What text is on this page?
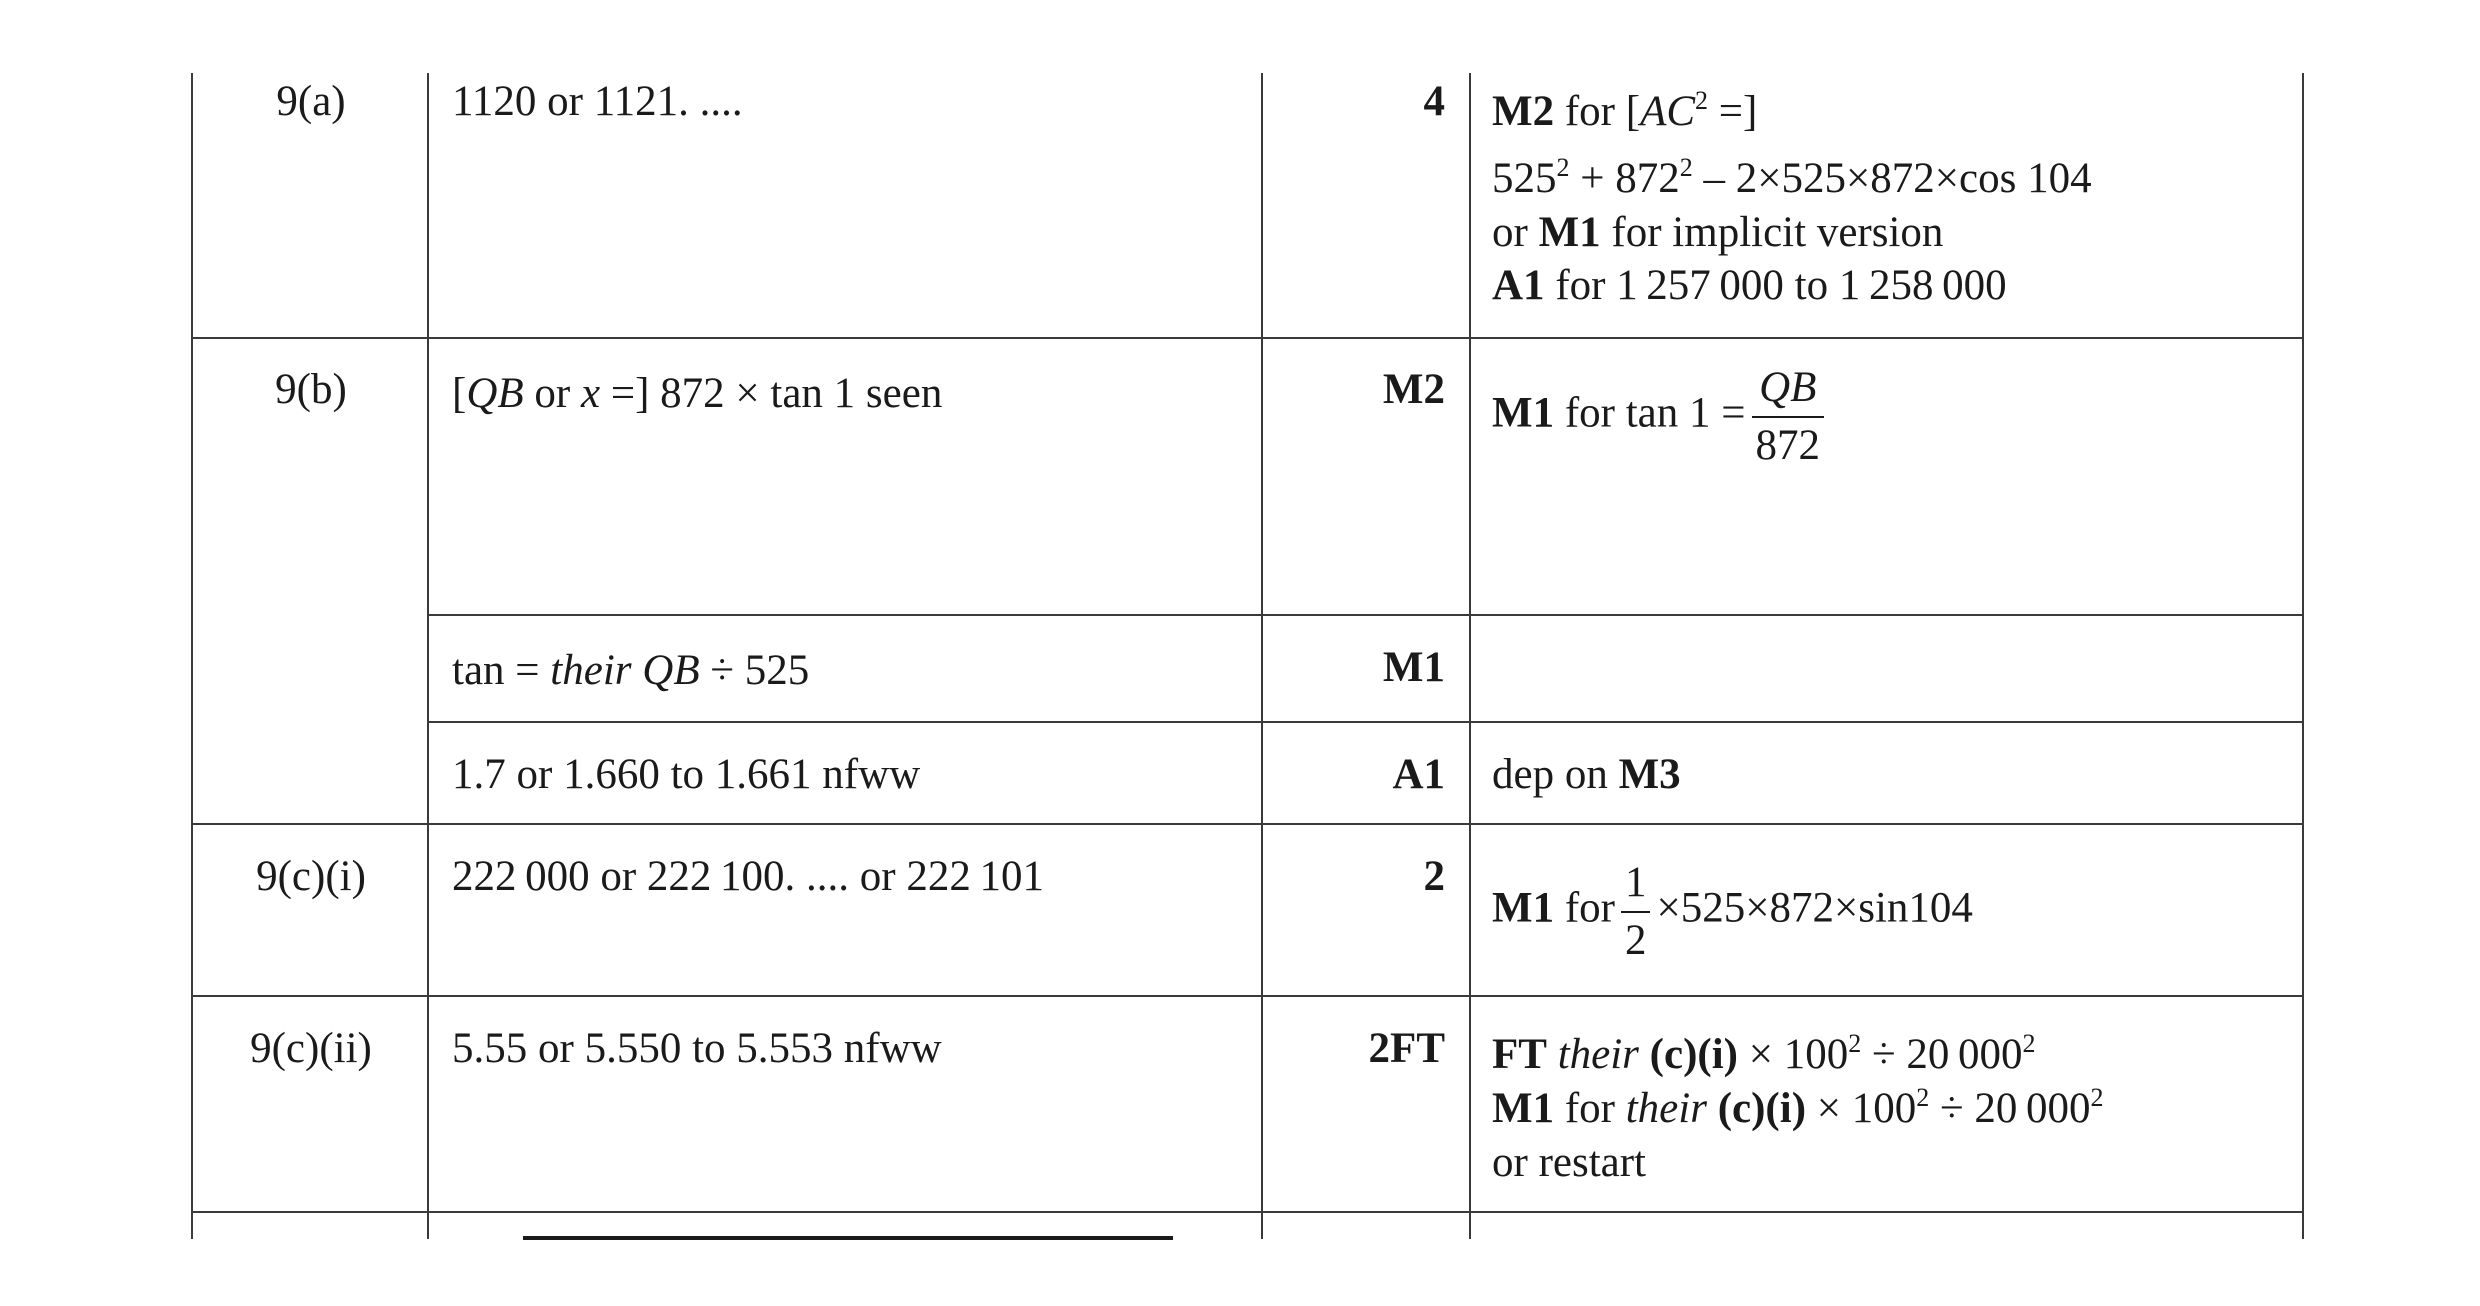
9(a)	1120 or 1121. ....	4 M2 for [$AC^2$ =]
$525^2 + 872^2 - 2\times 525\times 872\times\cos$ 104
or M1 for implicit version
A1 for 1 257 000 to 1 258 000
9(b)	[QB or x =] 872 × tan 1 seen	M2 M1 for $\tan 1 = \frac{QB}{872}$
tan = their QB ÷ 525	M1
1.7 or 1.660 to 1.661 nfww	A1 dep on M3
9(c)(i)	222 000 or 222 100. .... or 222 101	2
M1 for $\frac{1}{2} \times 525\times 872\times\sin 104$
9(c)(ii)	5.55 or 5.550 to 5.553 nfww	2FT FT their $(c)(i) \times 100^2 \div 20$ $000^2$
M1 for their $(c)(i) \times 100^2 \div 20$ $000^2$
or restart
